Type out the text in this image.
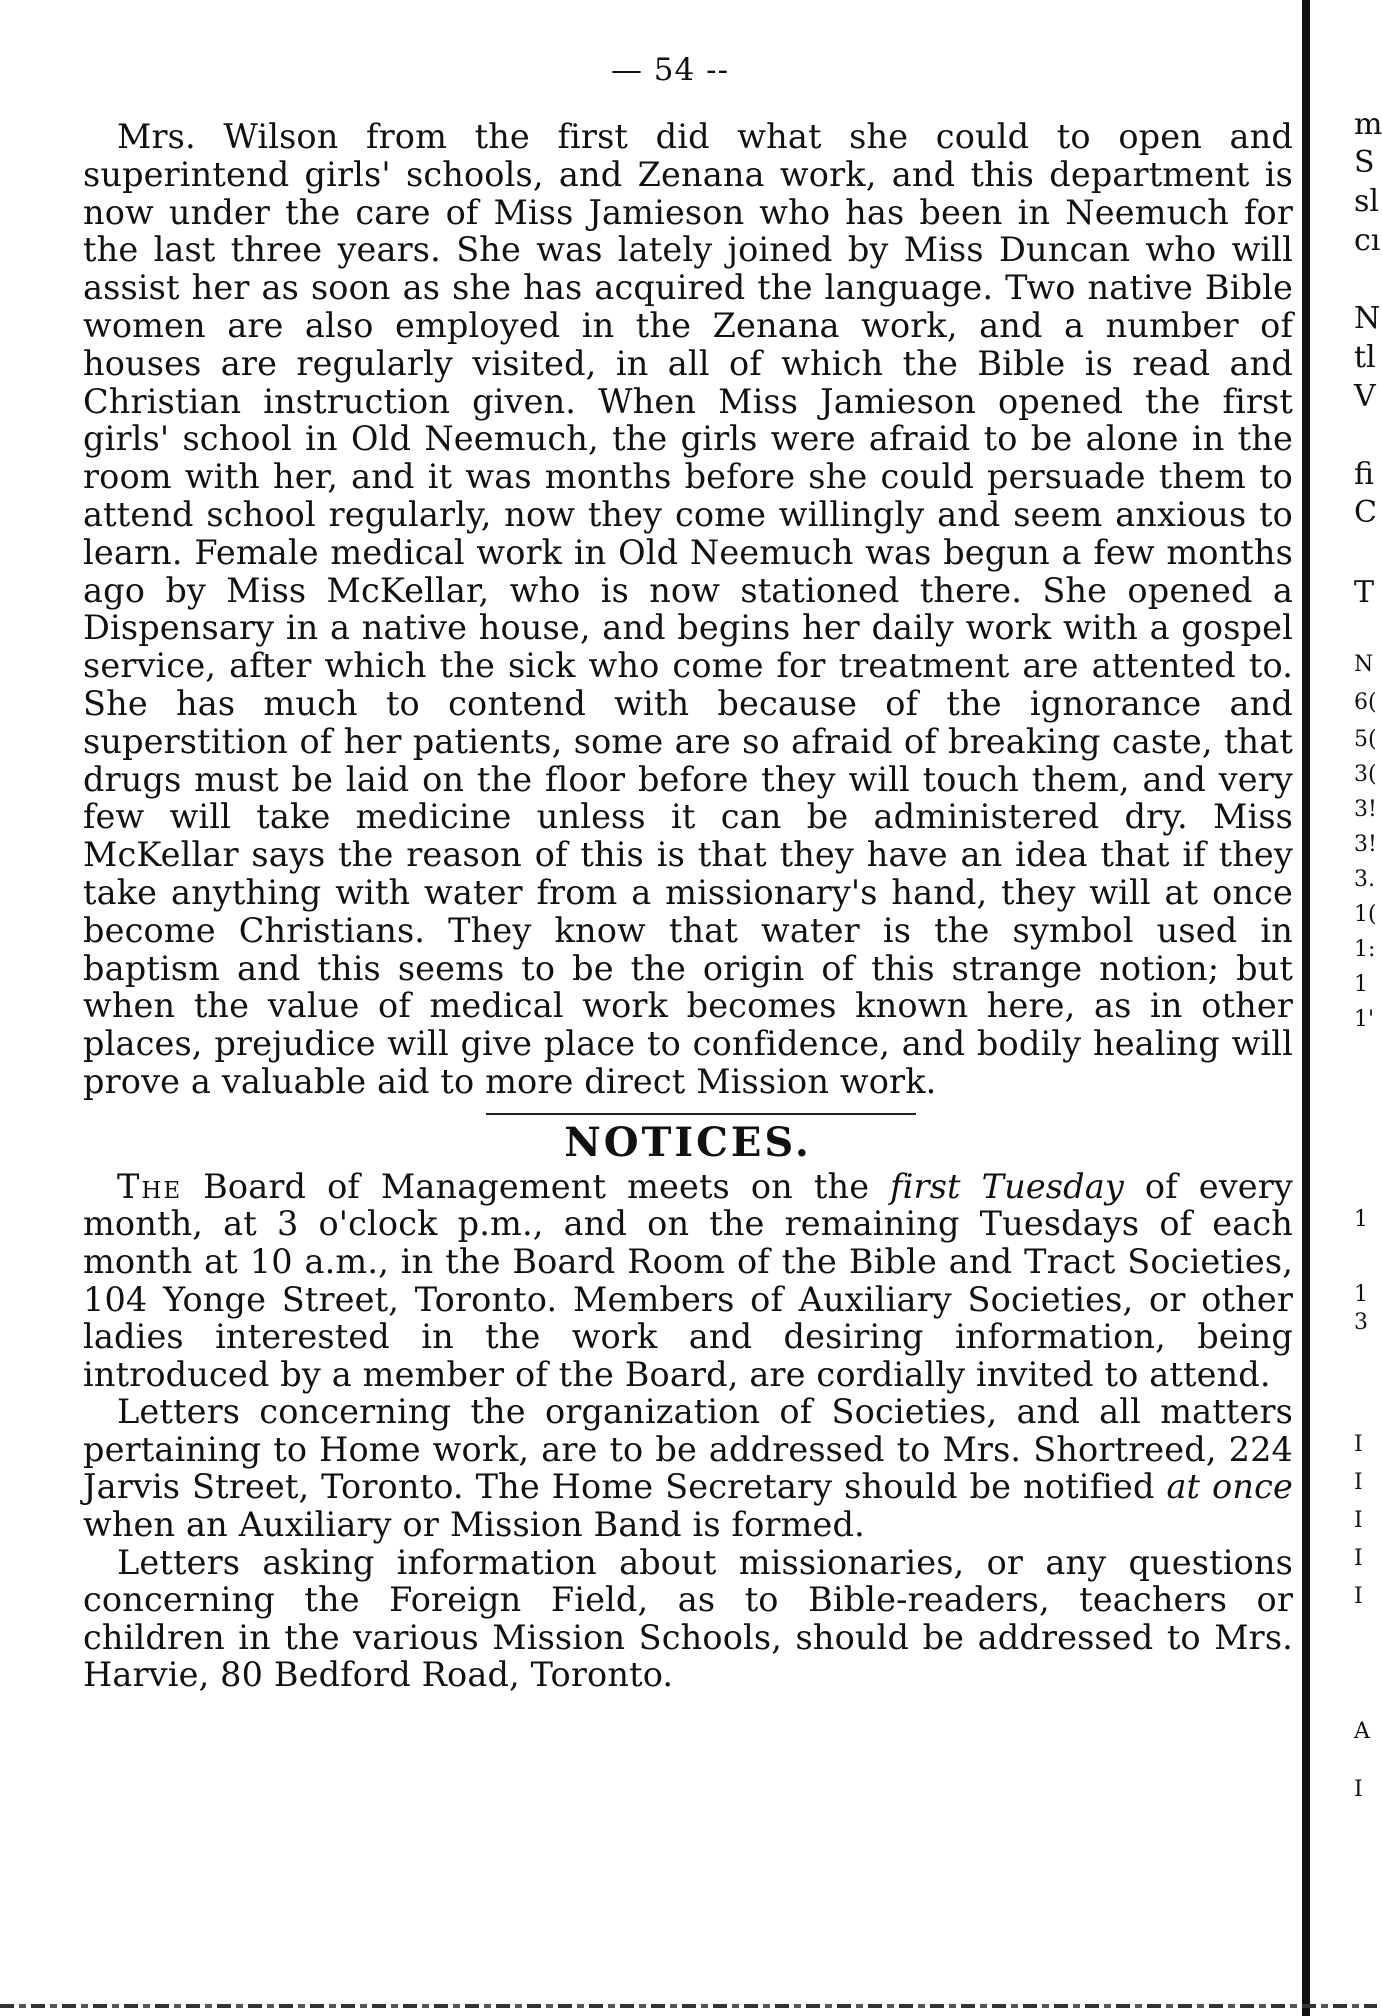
— 54 --

Mrs. Wilson from the first did what she could to open and superintend girls' schools, and Zenana work, and this department is now under the care of Miss Jamieson who has been in Neemuch for the last three years. She was lately joined by Miss Duncan who will assist her as soon as she has acquired the language. Two native Bible women are also employed in the Zenana work, and a number of houses are regularly visited, in all of which the Bible is read and Christian instruction given. When Miss Jamieson opened the first girls' school in Old Neemuch, the girls were afraid to be alone in the room with her, and it was months before she could persuade them to attend school regularly, now they come willingly and seem anxious to learn. Female medical work in Old Neemuch was begun a few months ago by Miss McKellar, who is now stationed there. She opened a Dispensary in a native house, and begins her daily work with a gospel service, after which the sick who come for treatment are attented to. She has much to contend with because of the ignorance and superstition of her patients, some are so afraid of breaking caste, that drugs must be laid on the floor before they will touch them, and very few will take medicine unless it can be administered dry. Miss McKellar says the reason of this is that they have an idea that if they take anything with water from a missionary's hand, they will at once become Christians. They know that water is the symbol used in baptism and this seems to be the origin of this strange notion; but when the value of medical work becomes known here, as in other places, prejudice will give place to confidence, and bodily healing will prove a valuable aid to more direct Mission work.

NOTICES.

The Board of Management meets on the first Tuesday of every month, at 3 o'clock p.m., and on the remaining Tuesdays of each month at 10 a.m., in the Board Room of the Bible and Tract Societies, 104 Yonge Street, Toronto. Members of Auxiliary Societies, or other ladies interested in the work and desiring information, being introduced by a member of the Board, are cordially invited to attend.

Letters concerning the organization of Societies, and all matters pertaining to Home work, are to be addressed to Mrs. Shortreed, 224 Jarvis Street, Toronto. The Home Secretary should be notified at once when an Auxiliary or Mission Band is formed.

Letters asking information about missionaries, or any questions concerning the Foreign Field, as to Bible-readers, teachers or children in the various Mission Schools, should be addressed to Mrs. Harvie, 80 Bedford Road, Toronto.

m
S
sl
cı
N
tl
V
fi
C
T
N
6(
5(
3(
3!
3!
3.
1(
1:
1
1'
1
1
3
I
I
I
I
I
A
I
